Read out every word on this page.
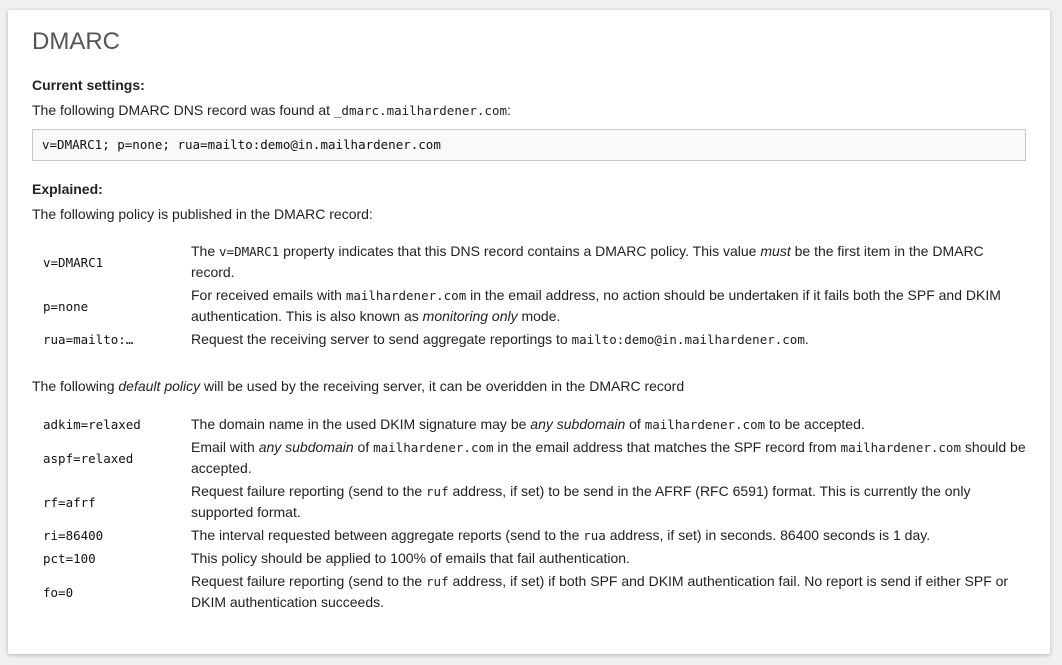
DMARC
Current settings:
The following DMARC DNS record was found at _dmarc.mailhardener.com:
v=DMARC1; p=none; rua=mailto:demo@in.mailhardener.com
Explained:
The following policy is published in the DMARC record:
v=DMARC1	The v=DMARC1 property indicates that this DNS record contains a DMARC policy. This value must be the first item in the DMARC record.
p=none	For received emails with mailhardener.com in the email address, no action should be undertaken if it fails both the SPF and DKIM authentication. This is also known as monitoring only mode.
rua=mailto:…	Request the receiving server to send aggregate reportings to mailto:demo@in.mailhardener.com.
The following default policy will be used by the receiving server, it can be overidden in the DMARC record
adkim=relaxed	The domain name in the used DKIM signature may be any subdomain of mailhardener.com to be accepted.
aspf=relaxed	Email with any subdomain of mailhardener.com in the email address that matches the SPF record from mailhardener.com should be accepted.
rf=afrf	Request failure reporting (send to the ruf address, if set) to be send in the AFRF (RFC 6591) format. This is currently the only supported format.
ri=86400	The interval requested between aggregate reports (send to the rua address, if set) in seconds. 86400 seconds is 1 day.
pct=100	This policy should be applied to 100% of emails that fail authentication.
fo=0	Request failure reporting (send to the ruf address, if set) if both SPF and DKIM authentication fail. No report is send if either SPF or DKIM authentication succeeds.
